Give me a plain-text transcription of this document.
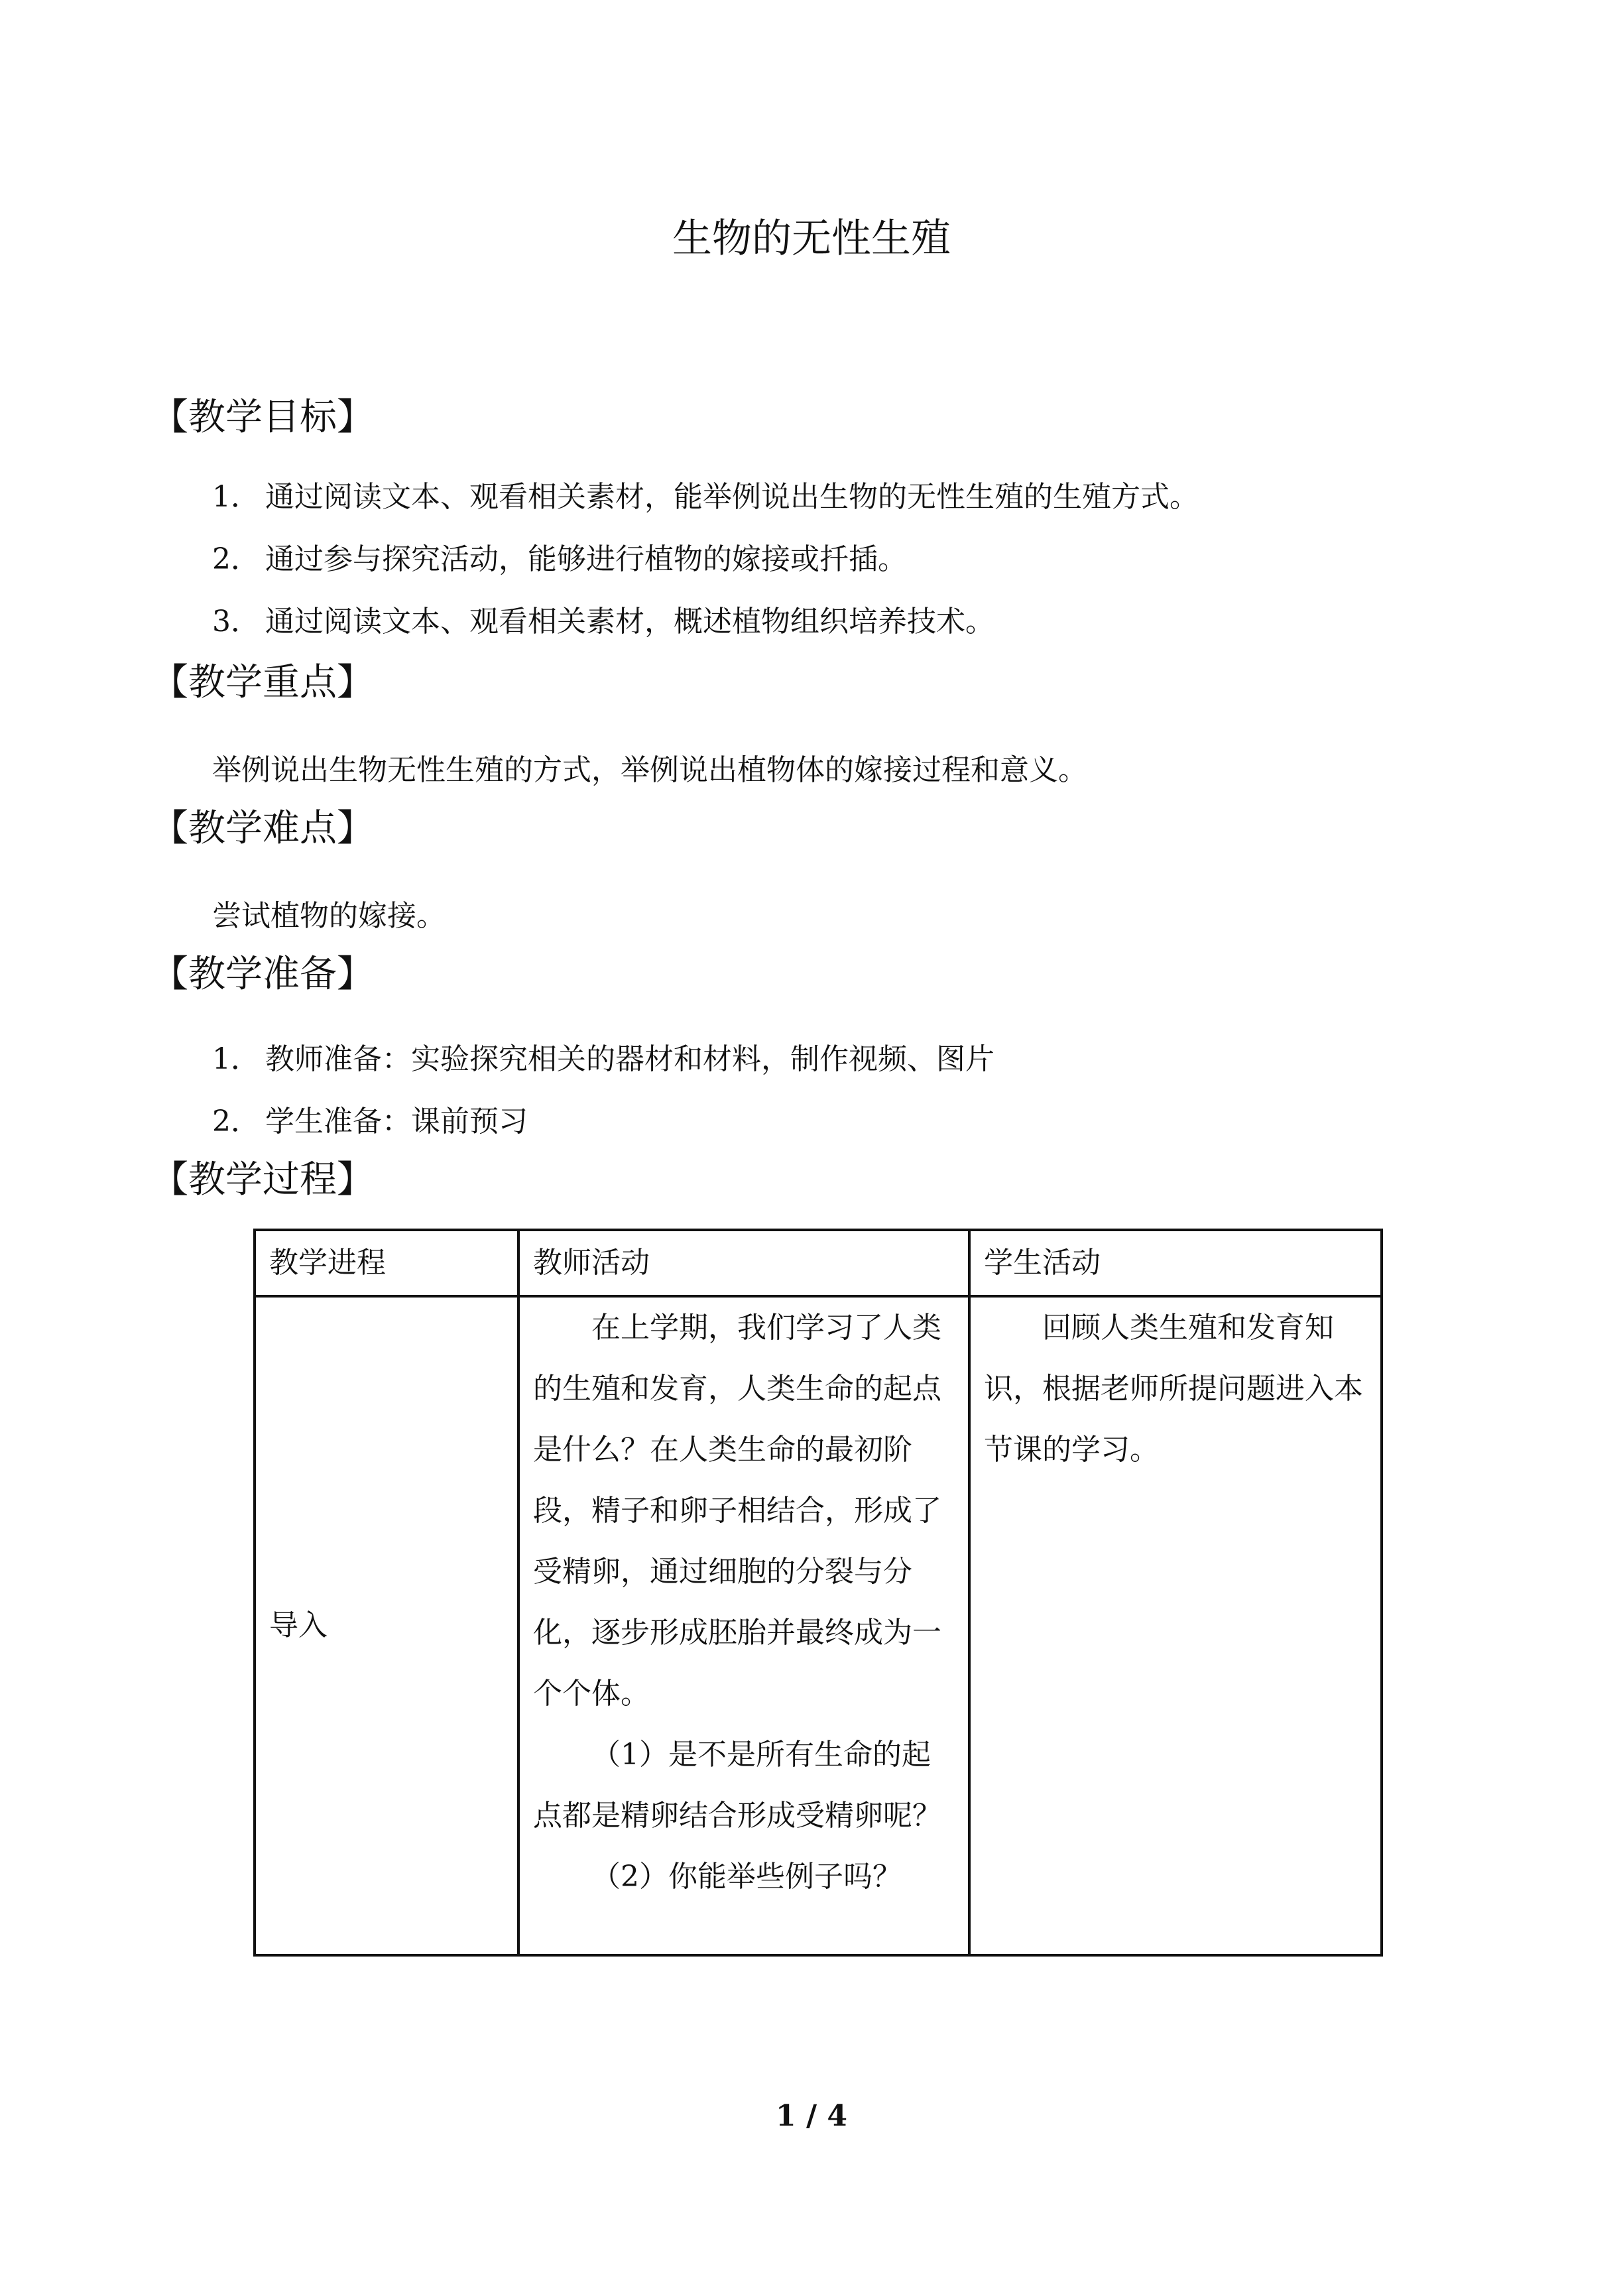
生物的无性生殖
【教学目标】

1． 通过阅读文本、观看相关素材，能举例说出生物的无性生殖的生殖方式。

2． 通过参与探究活动，能够进行植物的嫁接或扦插。

3． 通过阅读文本、观看相关素材，概述植物组织培养技术。

【教学重点】

举例说出生物无性生殖的方式，举例说出植物体的嫁接过程和意义。

【教学难点】

尝试植物的嫁接。

【教学准备】

1． 教师准备：实验探究相关的器材和材料，制作视频、图片

2． 学生准备：课前预习

【教学过程】
教学进程	教师活动	学生活动
导入	在上学期，我们学习了人类的生殖和发育，人类生命的起点是什么？在人类生命的最初阶段，精子和卵子相结合，形成了受精卵，通过细胞的分裂与分化，逐步形成胚胎并最终成为一个个体。

（1）是不是所有生命的起点都是精卵结合形成受精卵呢？

（2）你能举些例子吗？	回顾人类生殖和发育知识，根据老师所提问题进入本节课的学习。

1 / 4
